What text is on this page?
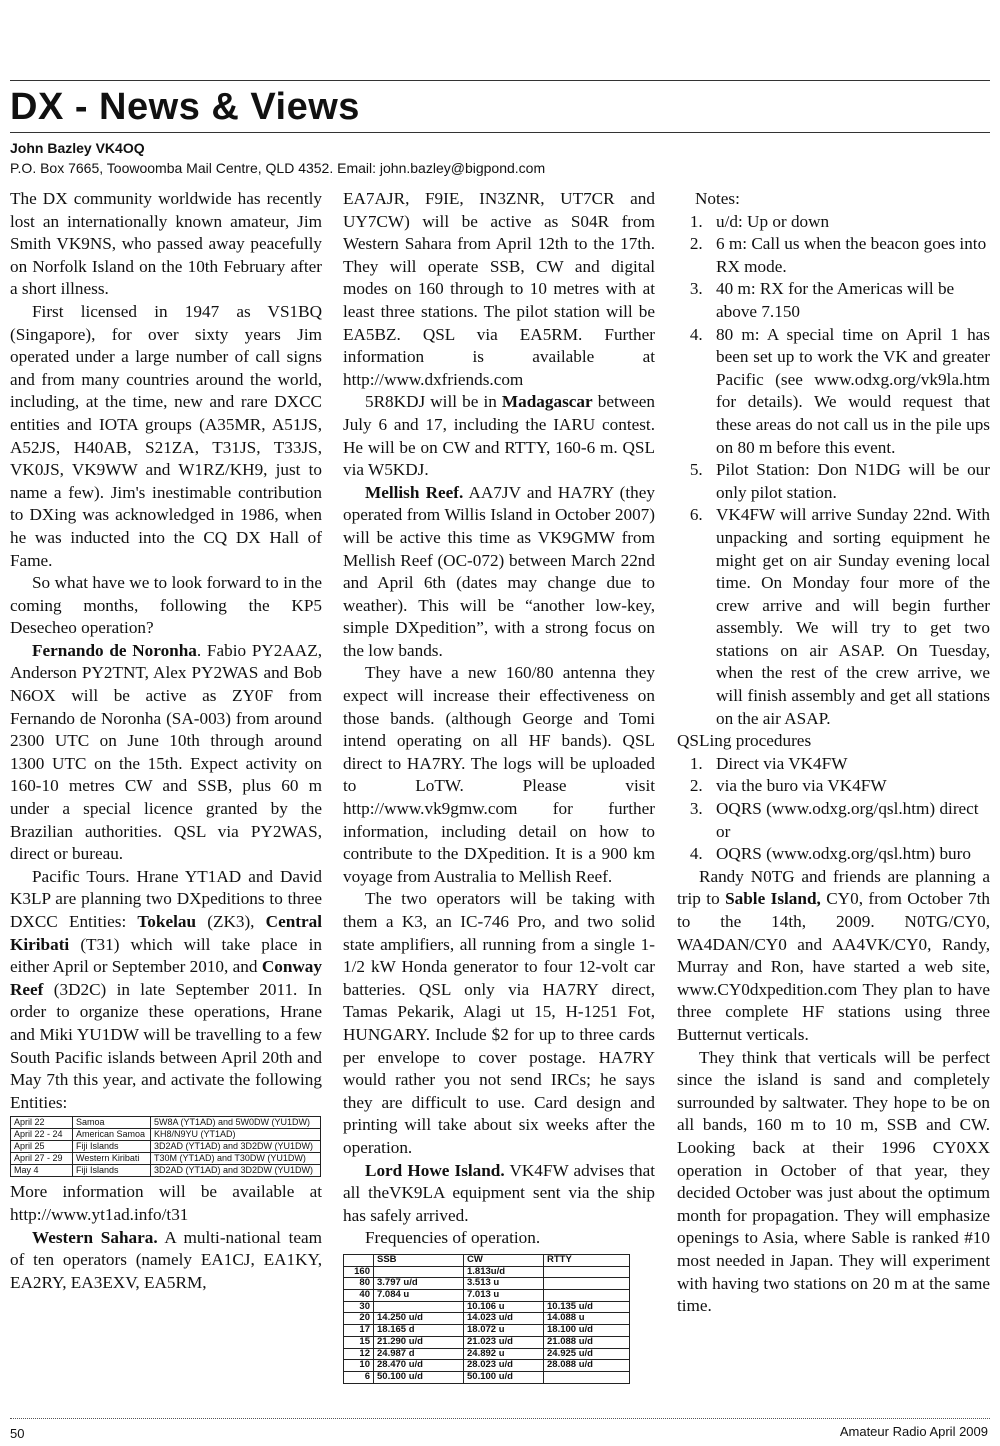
DX - News & Views
John Bazley VK4OQ
P.O. Box 7665, Toowoomba Mail Centre, QLD 4352. Email: john.bazley@bigpond.com

The DX community worldwide has recently lost an internationally known amateur, Jim Smith VK9NS, who passed away peacefully on Norfolk Island on the 10th February after a short illness.

First licensed in 1947 as VS1BQ (Singapore), for over sixty years Jim operated under a large number of call signs and from many countries around the world, including, at the time, new and rare DXCC entities and IOTA groups (A35MR, A51JS, A52JS, H40AB, S21ZA, T31JS, T33JS, VK0JS, VK9WW and W1RZ/KH9, just to name a few). Jim's inestimable contribution to DXing was acknowledged in 1986, when he was inducted into the CQ DX Hall of Fame.

So what have we to look forward to in the coming months, following the KP5 Desecheo operation?

Fernando de Noronha. Fabio PY2AAZ, Anderson PY2TNT, Alex PY2WAS and Bob N6OX will be active as ZY0F from Fernando de Noronha (SA-003) from around 2300 UTC on June 10th through around 1300 UTC on the 15th. Expect activity on 160-10 metres CW and SSB, plus 60 m under a special licence granted by the Brazilian authorities. QSL via PY2WAS, direct or bureau.

Pacific Tours. Hrane YT1AD and David K3LP are planning two DXpeditions to three DXCC Entities: Tokelau (ZK3), Central Kiribati (T31) which will take place in either April or September 2010, and Conway Reef (3D2C) in late September 2011. In order to organize these operations, Hrane and Miki YU1DW will be travelling to a few South Pacific islands between April 20th and May 7th this year, and activate the following Entities:

April 22	Samoa	5W8A (YT1AD) and 5W0DW (YU1DW)
April 22 - 24	American Samoa	KH8/N9YU (YT1AD)
April 25	Fiji Islands	3D2AD (YT1AD) and 3D2DW (YU1DW)
April 27 - 29	Western Kiribati	T30M (YT1AD) and T30DW (YU1DW)
May 4	Fiji Islands	3D2AD (YT1AD) and 3D2DW (YU1DW)

More information will be available at http://www.yt1ad.info/t31

Western Sahara. A multi-national team of ten operators (namely EA1CJ, EA1KY, EA2RY, EA3EXV, EA5RM,

EA7AJR, F9IE, IN3ZNR, UT7CR and UY7CW) will be active as S04R from Western Sahara from April 12th to the 17th. They will operate SSB, CW and digital modes on 160 through to 10 metres with at least three stations. The pilot station will be EA5BZ. QSL via EA5RM. Further information is available at http://www.dxfriends.com

5R8KDJ will be in Madagascar between July 6 and 17, including the IARU contest. He will be on CW and RTTY, 160-6 m. QSL via W5KDJ.

Mellish Reef. AA7JV and HA7RY (they operated from Willis Island in October 2007) will be active this time as VK9GMW from Mellish Reef (OC-072) between March 22nd and April 6th (dates may change due to weather). This will be “another low-key, simple DXpedition”, with a strong focus on the low bands.

They have a new 160/80 antenna they expect will increase their effectiveness on those bands. (although George and Tomi intend operating on all HF bands). QSL direct to HA7RY. The logs will be uploaded to LoTW. Please visit http://www.vk9gmw.com for further information, including detail on how to contribute to the DXpedition. It is a 900 km voyage from Australia to Mellish Reef.

The two operators will be taking with them a K3, an IC-746 Pro, and two solid state amplifiers, all running from a single 1-1/2 kW Honda generator to four 12-volt car batteries. QSL only via HA7RY direct, Tamas Pekarik, Alagi ut 15, H-1251 Fot, HUNGARY. Include $2 for up to three cards per envelope to cover postage. HA7RY would rather you not send IRCs; he says they are difficult to use. Card design and printing will take about six weeks after the operation.

Lord Howe Island. VK4FW advises that all theVK9LA equipment sent via the ship has safely arrived.

Frequencies of operation.

	SSB	CW	RTTY
160		1.813u/d	
80	3.797 u/d	3.513 u	
40	7.084 u	7.013 u	
30		10.106 u	10.135 u/d
20	14.250 u/d	14.023 u/d	14.088 u
17	18.165 d	18.072 u	18.100 u/d
15	21.290 u/d	21.023 u/d	21.088 u/d
12	24.987 d	24.892 u	24.925 u/d
10	28.470 u/d	28.023 u/d	28.088 u/d
6	50.100 u/d	50.100 u/d	

Notes:

1. u/d: Up or down
2. 6 m: Call us when the beacon goes into RX mode.
3. 40 m: RX for the Americas will be above 7.150
4. 80 m: A special time on April 1 has been set up to work the VK and greater Pacific (see www.odxg.org/vk9la.htm for details). We would request that these areas do not call us in the pile ups on 80 m before this event.
5. Pilot Station: Don N1DG will be our only pilot station.
6. VK4FW will arrive Sunday 22nd. With unpacking and sorting equipment he might get on air Sunday evening local time. On Monday four more of the crew arrive and will begin further assembly. We will try to get two stations on air ASAP. On Tuesday, when the rest of the crew arrive, we will finish assembly and get all stations on the air ASAP.

QSLing procedures

1. Direct via VK4FW
2. via the buro via VK4FW
3. OQRS (www.odxg.org/qsl.htm) direct or
4. OQRS (www.odxg.org/qsl.htm) buro

Randy N0TG and friends are planning a trip to Sable Island, CY0, from October 7th to the 14th, 2009. N0TG/CY0, WA4DAN/CY0 and AA4VK/CY0, Randy, Murray and Ron, have started a web site, www.CY0dxpedition.com They plan to have three complete HF stations using three Butternut verticals.

They think that verticals will be perfect since the island is sand and completely surrounded by saltwater. They hope to be on all bands, 160 m to 10 m, SSB and CW. Looking back at their 1996 CY0XX operation in October of that year, they decided October was just about the optimum month for propagation. They will emphasize openings to Asia, where Sable is ranked #10 most needed in Japan. They will experiment with having two stations on 20 m at the same time.

50	Amateur Radio April 2009
